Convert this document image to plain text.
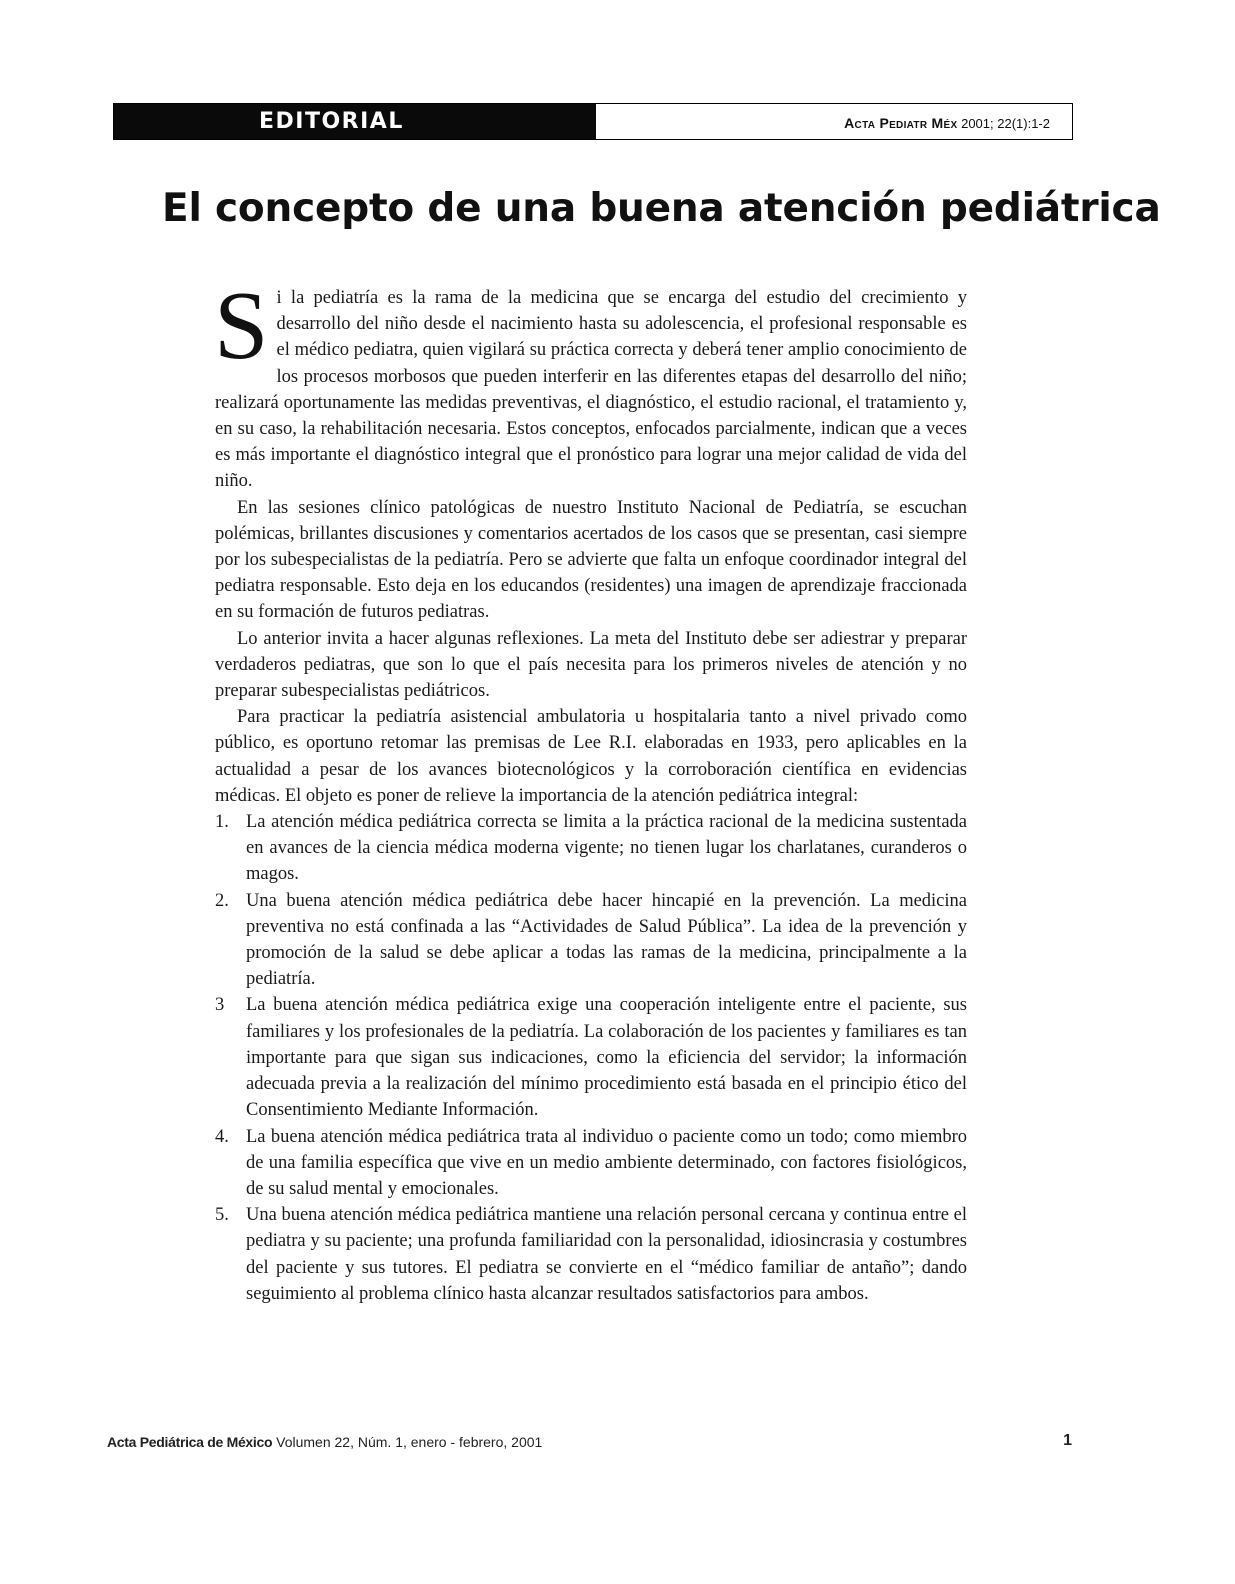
EDITORIAL	Acta Pediatr Méx 2001; 22(1):1-2
El concepto de una buena atención pediátrica

Si la pediatría es la rama de la medicina que se encarga del estudio del crecimiento y desarrollo del niño desde el nacimiento hasta su adolescencia, el profesional responsable es el médico pediatra, quien vigilará su práctica correcta y deberá tener amplio conocimiento de los procesos morbosos que pueden interferir en las diferentes etapas del desarrollo del niño; realizará oportunamente las medidas preventivas, el diagnóstico, el estudio racional, el tratamiento y, en su caso, la rehabilitación necesaria. Estos conceptos, enfocados parcialmente, indican que a veces es más importante el diagnóstico integral que el pronóstico para lograr una mejor calidad de vida del niño.

En las sesiones clínico patológicas de nuestro Instituto Nacional de Pediatría, se escuchan polémicas, brillantes discusiones y comentarios acertados de los casos que se presentan, casi siempre por los subespecialistas de la pediatría. Pero se advierte que falta un enfoque coordinador integral del pediatra responsable. Esto deja en los educandos (residentes) una imagen de aprendizaje fraccionada en su formación de futuros pediatras.

Lo anterior invita a hacer algunas reflexiones. La meta del Instituto debe ser adiestrar y preparar verdaderos pediatras, que son lo que el país necesita para los primeros niveles de atención y no preparar subespecialistas pediátricos.

Para practicar la pediatría asistencial ambulatoria u hospitalaria tanto a nivel privado como público, es oportuno retomar las premisas de Lee R.I. elaboradas en 1933, pero aplicables en la actualidad a pesar de los avances biotecnológicos y la corroboración científica en evidencias médicas. El objeto es poner de relieve la importancia de la atención pediátrica integral:

1. La atención médica pediátrica correcta se limita a la práctica racional de la medicina sustentada en avances de la ciencia médica moderna vigente; no tienen lugar los charlatanes, curanderos o magos.
2. Una buena atención médica pediátrica debe hacer hincapié en la prevención. La medicina preventiva no está confinada a las “Actividades de Salud Pública”. La idea de la prevención y promoción de la salud se debe aplicar a todas las ramas de la medicina, principalmente a la pediatría.
3 La buena atención médica pediátrica exige una cooperación inteligente entre el paciente, sus familiares y los profesionales de la pediatría. La colaboración de los pacientes y familiares es tan importante para que sigan sus indicaciones, como la eficiencia del servidor; la información adecuada previa a la realización del mínimo procedimiento está basada en el principio ético del Consentimiento Mediante Información.
4. La buena atención médica pediátrica trata al individuo o paciente como un todo; como miembro de una familia específica que vive en un medio ambiente determinado, con factores fisiológicos, de su salud mental y emocionales.
5. Una buena atención médica pediátrica mantiene una relación personal cercana y continua entre el pediatra y su paciente; una profunda familiaridad con la personalidad, idiosincrasia y costumbres del paciente y sus tutores. El pediatra se convierte en el “médico familiar de antaño”; dando seguimiento al problema clínico hasta alcanzar resultados satisfactorios para ambos.
Acta Pediátrica de México Volumen 22, Núm. 1, enero - febrero, 2001	1
